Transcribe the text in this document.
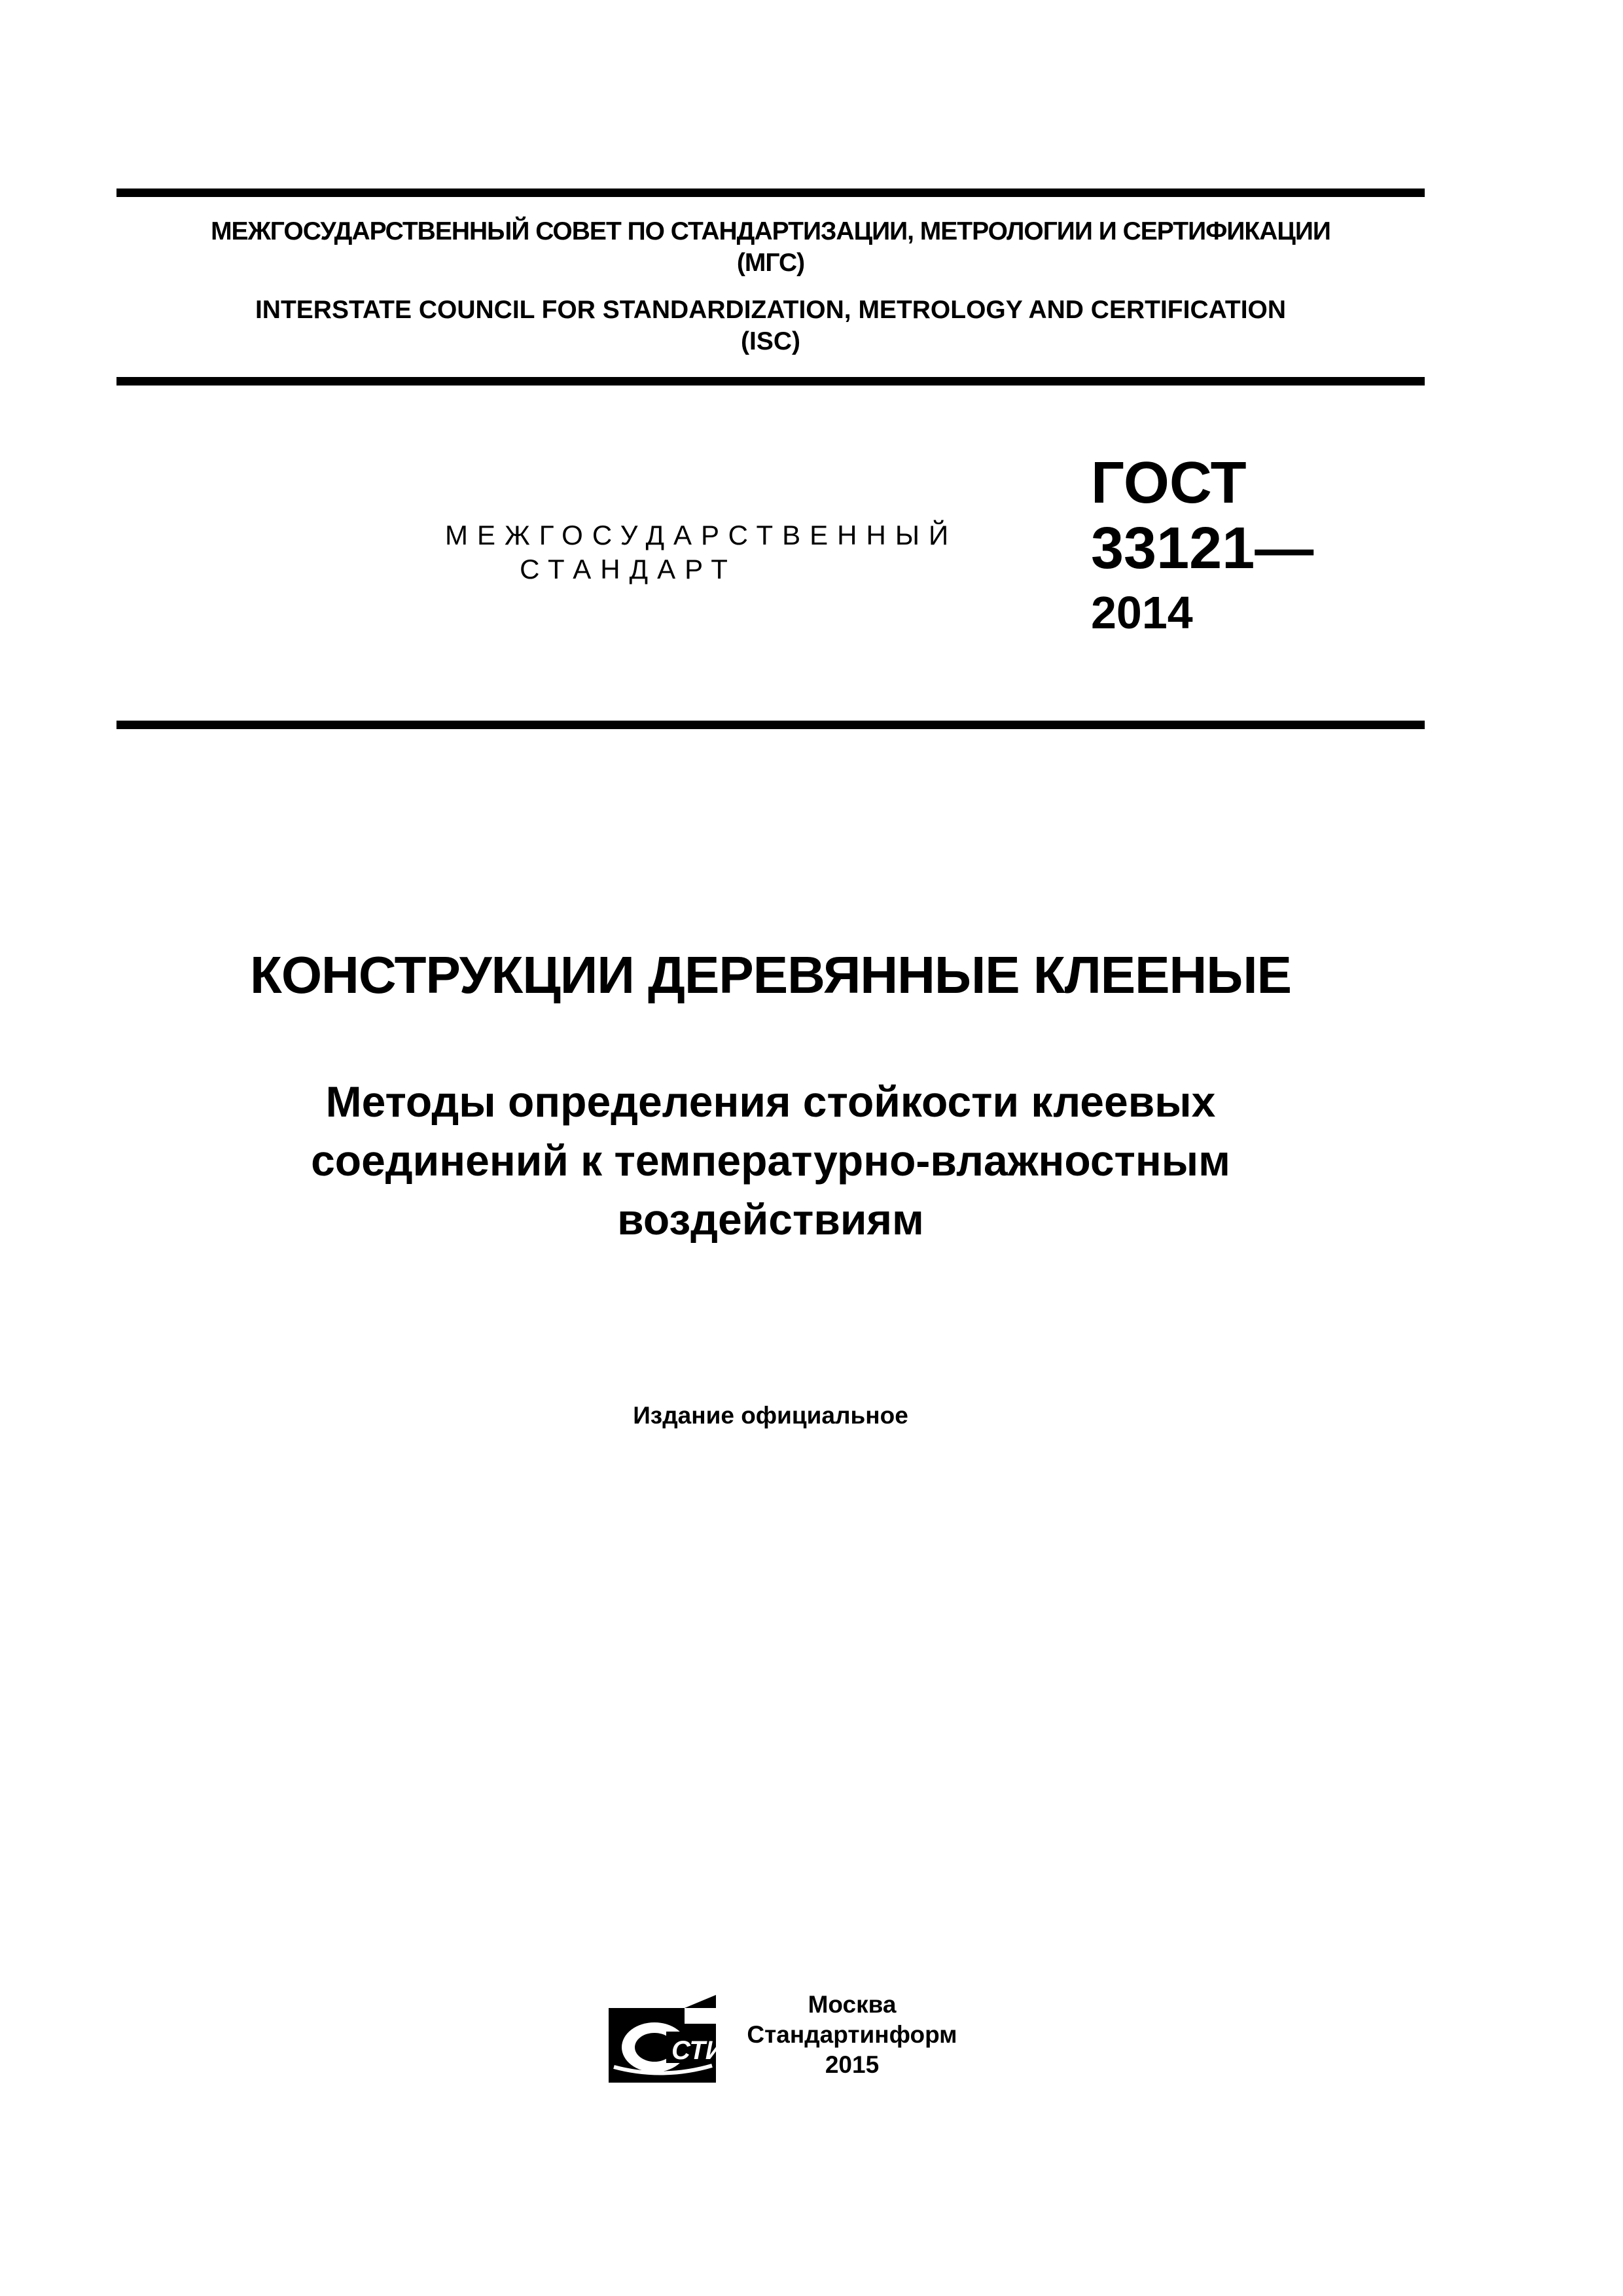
МЕЖГОСУДАРСТВЕННЫЙ СОВЕТ ПО СТАНДАРТИЗАЦИИ, МЕТРОЛОГИИ И СЕРТИФИКАЦИИ
(МГС)
INTERSTATE COUNCIL FOR STANDARDIZATION, METROLOGY AND CERTIFICATION
(ISC)
МЕЖГОСУДАРСТВЕННЫЙ
СТАНДАРТ
ГОСТ
33121—
2014
КОНСТРУКЦИИ ДЕРЕВЯННЫЕ КЛЕЕНЫЕ
Методы определения стойкости клеевых
соединений к температурно-влажностным
воздействиям
Издание официальное
СТИ
Москва
Стандартинформ
2015
